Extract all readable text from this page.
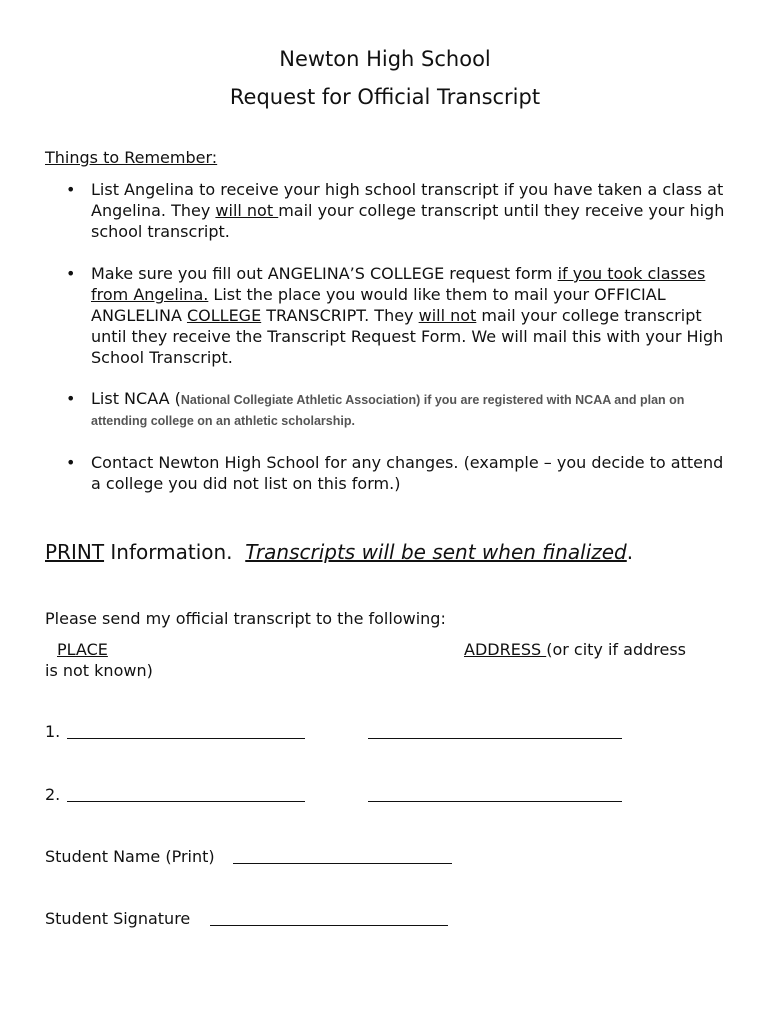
Newton High School
Request for Official Transcript
Things to Remember:
• List Angelina to receive your high school transcript if you have taken a class at Angelina. They will not mail your college transcript until they receive your high school transcript.
• Make sure you fill out ANGELINA’S COLLEGE request form if you took classes from Angelina. List the place you would like them to mail your OFFICIAL ANGLELINA COLLEGE TRANSCRIPT. They will not mail your college transcript until they receive the Transcript Request Form. We will mail this with your High School Transcript.
• List NCAA (National Collegiate Athletic Association) if you are registered with NCAA and plan on attending college on an athletic scholarship.
• Contact Newton High School for any changes. (example – you decide to attend a college you did not list on this form.)
PRINT Information.  Transcripts will be sent when finalized.
Please send my official transcript to the following:
PLACE	ADDRESS (or city if address
is not known)
1.
2.
Student Name (Print)
Student Signature
